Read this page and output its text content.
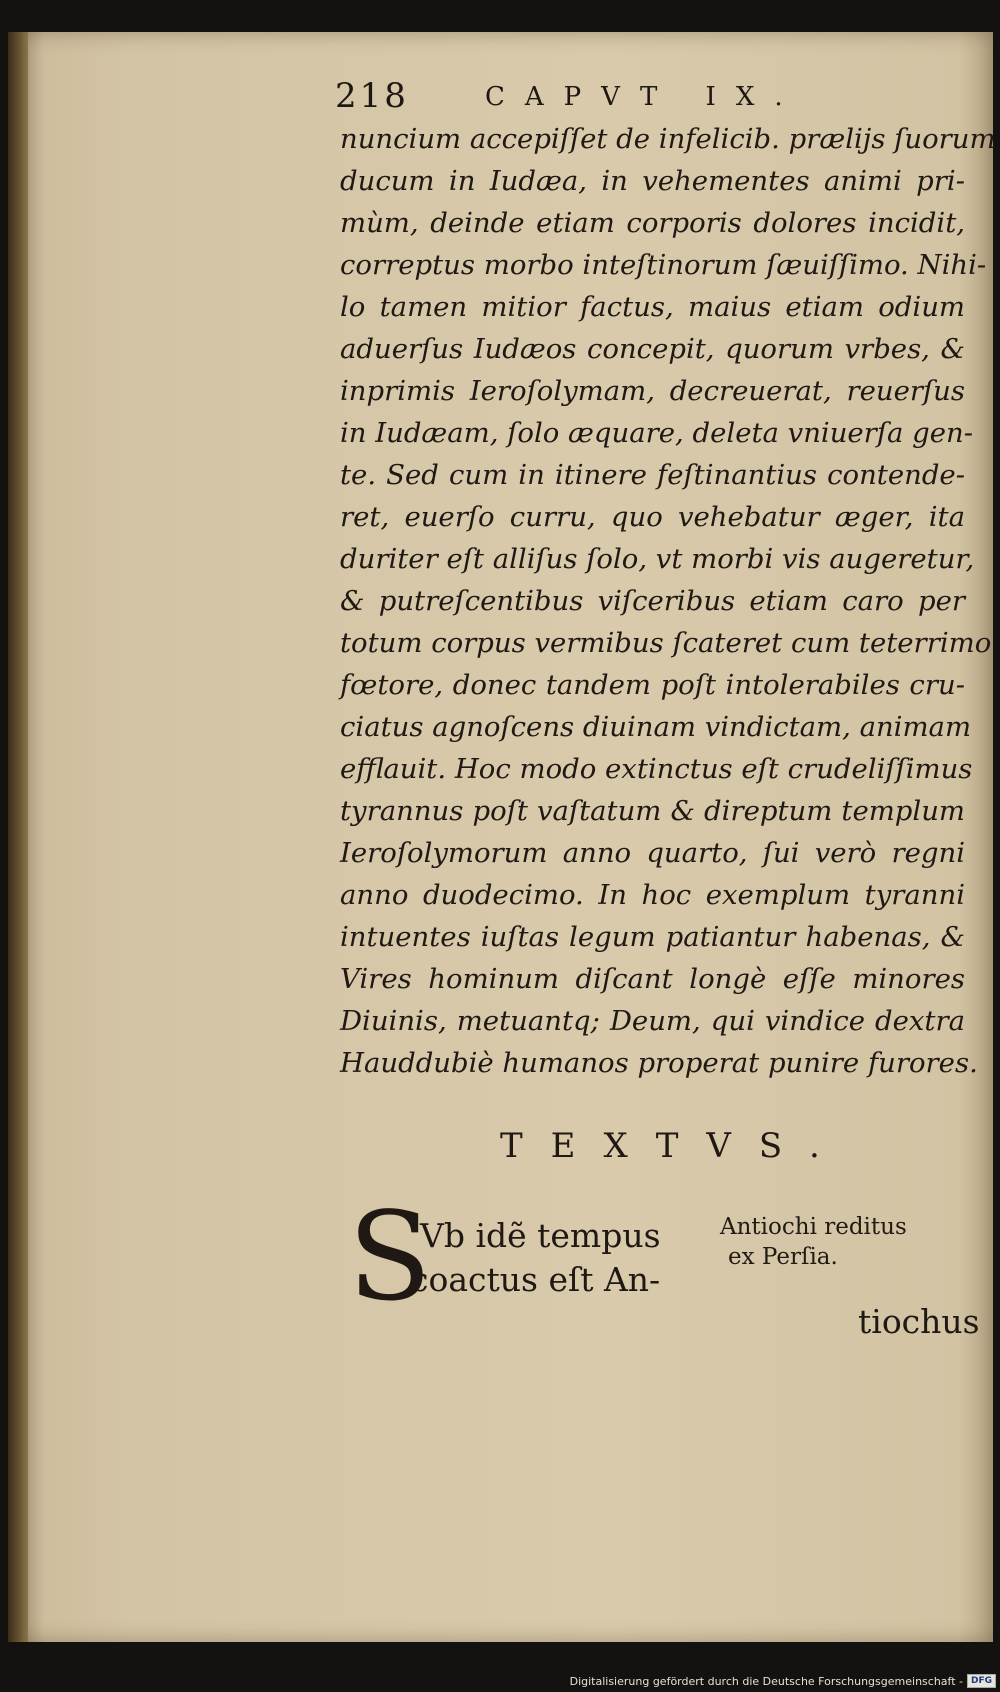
218	CAPVT IX.
nuncium accepiſſet de infelicib. prælijs ſuorum
ducum in Iudæa, in vehementes animi pri-
mùm, deinde etiam corporis dolores incidit,
correptus morbo inteſtinorum ſæuiſſimo. Nihi-
lo tamen mitior factus, maius etiam odium
aduerſus Iudæos concepit, quorum vrbes, &
inprimis Ieroſolymam, decreuerat, reuerſus
in Iudæam, ſolo æquare, deleta vniuerſa gen-
te. Sed cum in itinere feſtinantius contende-
ret, euerſo curru, quo vehebatur æger, ita
duriter eſt alliſus ſolo, vt morbi vis augeretur,
& putreſcentibus viſceribus etiam caro per
totum corpus vermibus ſcateret cum teterrimo
fœtore, donec tandem poſt intolerabiles cru-
ciatus agnoſcens diuinam vindictam, animam
efflauit. Hoc modo extinctus eſt crudeliſſimus
tyrannus poſt vaſtatum & direptum templum
Ieroſolymorum anno quarto, ſui verò regni
anno duodecimo. In hoc exemplum tyranni
intuentes iuſtas legum patiantur habenas, &
Vires hominum diſcant longè eſſe minores
Diuinis, metuantq; Deum, qui vindice dextra
Hauddubiè humanos properat punire furores.
TEXTVS.
S
Vb idẽ tempus
coactus eſt An-
tiochus
Antiochi reditus
ex Perſia.
Digitalisierung gefördert durch die Deutsche Forschungsgemeinschaft - DFG
